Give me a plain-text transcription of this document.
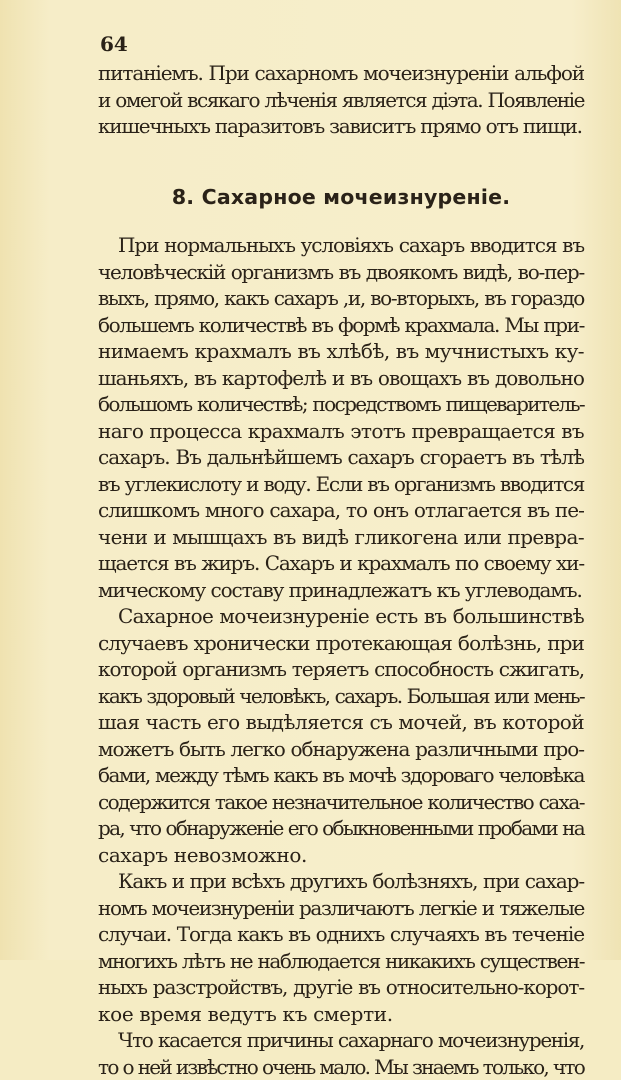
64
питаніемъ. При сахарномъ мочеизнуреніи альфой
и омегой всякаго лѣченія является діэта. Появленіе
кишечныхъ паразитовъ зависитъ прямо отъ пищи.
8. Сахарное мочеизнуреніе.
При нормальныхъ условіяхъ сахаръ вводится въ
человѣческій организмъ въ двоякомъ видѣ, во-пер-
выхъ, прямо, какъ сахаръ ,и, во-вторыхъ, въ гораздо
большемъ количествѣ въ формѣ крахмала. Мы при-
нимаемъ крахмалъ въ хлѣбѣ, въ мучнистыхъ ку-
шаньяхъ, въ картофелѣ и въ овощахъ въ довольно
большомъ количествѣ; посредствомъ пищеваритель-
наго процесса крахмалъ этотъ превращается въ
сахаръ. Въ дальнѣйшемъ сахаръ сгораетъ въ тѣлѣ
въ углекислоту и воду. Если въ организмъ вводится
слишкомъ много сахара, то онъ отлагается въ пе-
чени и мышцахъ въ видѣ гликогена или превра-
щается въ жиръ. Сахаръ и крахмалъ по своему хи-
мическому составу принадлежатъ къ углеводамъ.
Сахарное мочеизнуреніе есть въ большинствѣ
случаевъ хронически протекающая болѣзнь, при
которой организмъ теряетъ способность сжигать,
какъ здоровый человѣкъ, сахаръ. Большая или мень-
шая часть его выдѣляется съ мочей, въ которой
можетъ быть легко обнаружена различными про-
бами, между тѣмъ какъ въ мочѣ здороваго человѣка
содержится такое незначительное количество саха-
ра, что обнаруженіе его обыкновенными пробами на
сахаръ невозможно.
Какъ и при всѣхъ другихъ болѣзняхъ, при сахар-
номъ мочеизнуреніи различаютъ легкіе и тяжелые
случаи. Тогда какъ въ однихъ случаяхъ въ теченіе
многихъ лѣтъ не наблюдается никакихъ существен-
ныхъ разстройствъ, другіе въ относительно-корот-
кое время ведутъ къ смерти.
Что касается причины сахарнаго мочеизнуренія,
то о ней извѣстно очень мало. Мы знаемъ только, что
